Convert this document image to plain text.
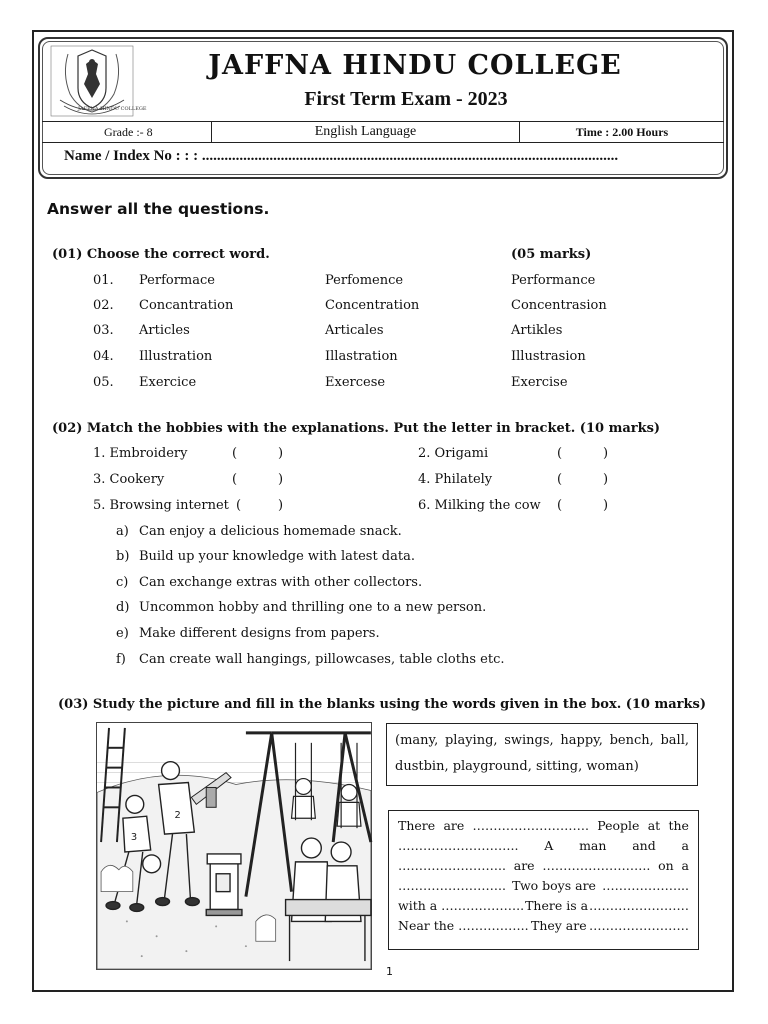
JAFFNA HINDU COLLEGE
JAFFNA HINDU COLLEGE
First Term Exam - 2023
Grade :- 8	English Language	Time : 2.00 Hours
Name / Index No : : : ...............................................................................................................
Answer all the questions.
(01) Choose the correct word.	(05 marks)
01. Performace	Perfomence	Performance
02. Concantration	Concentration	Concentrasion
03. Articles	Articales	Artikles
04. Illustration	Illastration	Illustrasion
05. Exercice	Exercese	Exercise
(02) Match the hobbies with the explanations. Put the letter in bracket. (10 marks)
1. Embroidery	(	)	2. Origami	(	)
3. Cookery	(	)	4. Philately	(	)
5. Browsing internet (	)	6. Milking the cow (	)
a) Can enjoy a delicious homemade snack.
b) Build up your knowledge with latest data.
c) Can exchange extras with other collectors.
d) Uncommon hobby and thrilling one to a new person.
e) Make different designs from papers.
f) Can create wall hangings, pillowcases, table cloths etc.
(03) Study the picture and fill in the blanks using the words given in the box. (10 marks)
3
2
(many, playing, swings, happy, bench, ball, dustbin, playground, sitting, woman)
There are ………………………. People at the
……………………….. A man and a
…………………….. are …………………….. on a
…………………….. Two boys are ………………...
with a ……………….. There is a ……………………
Near the …………….. They are ……………………
1
